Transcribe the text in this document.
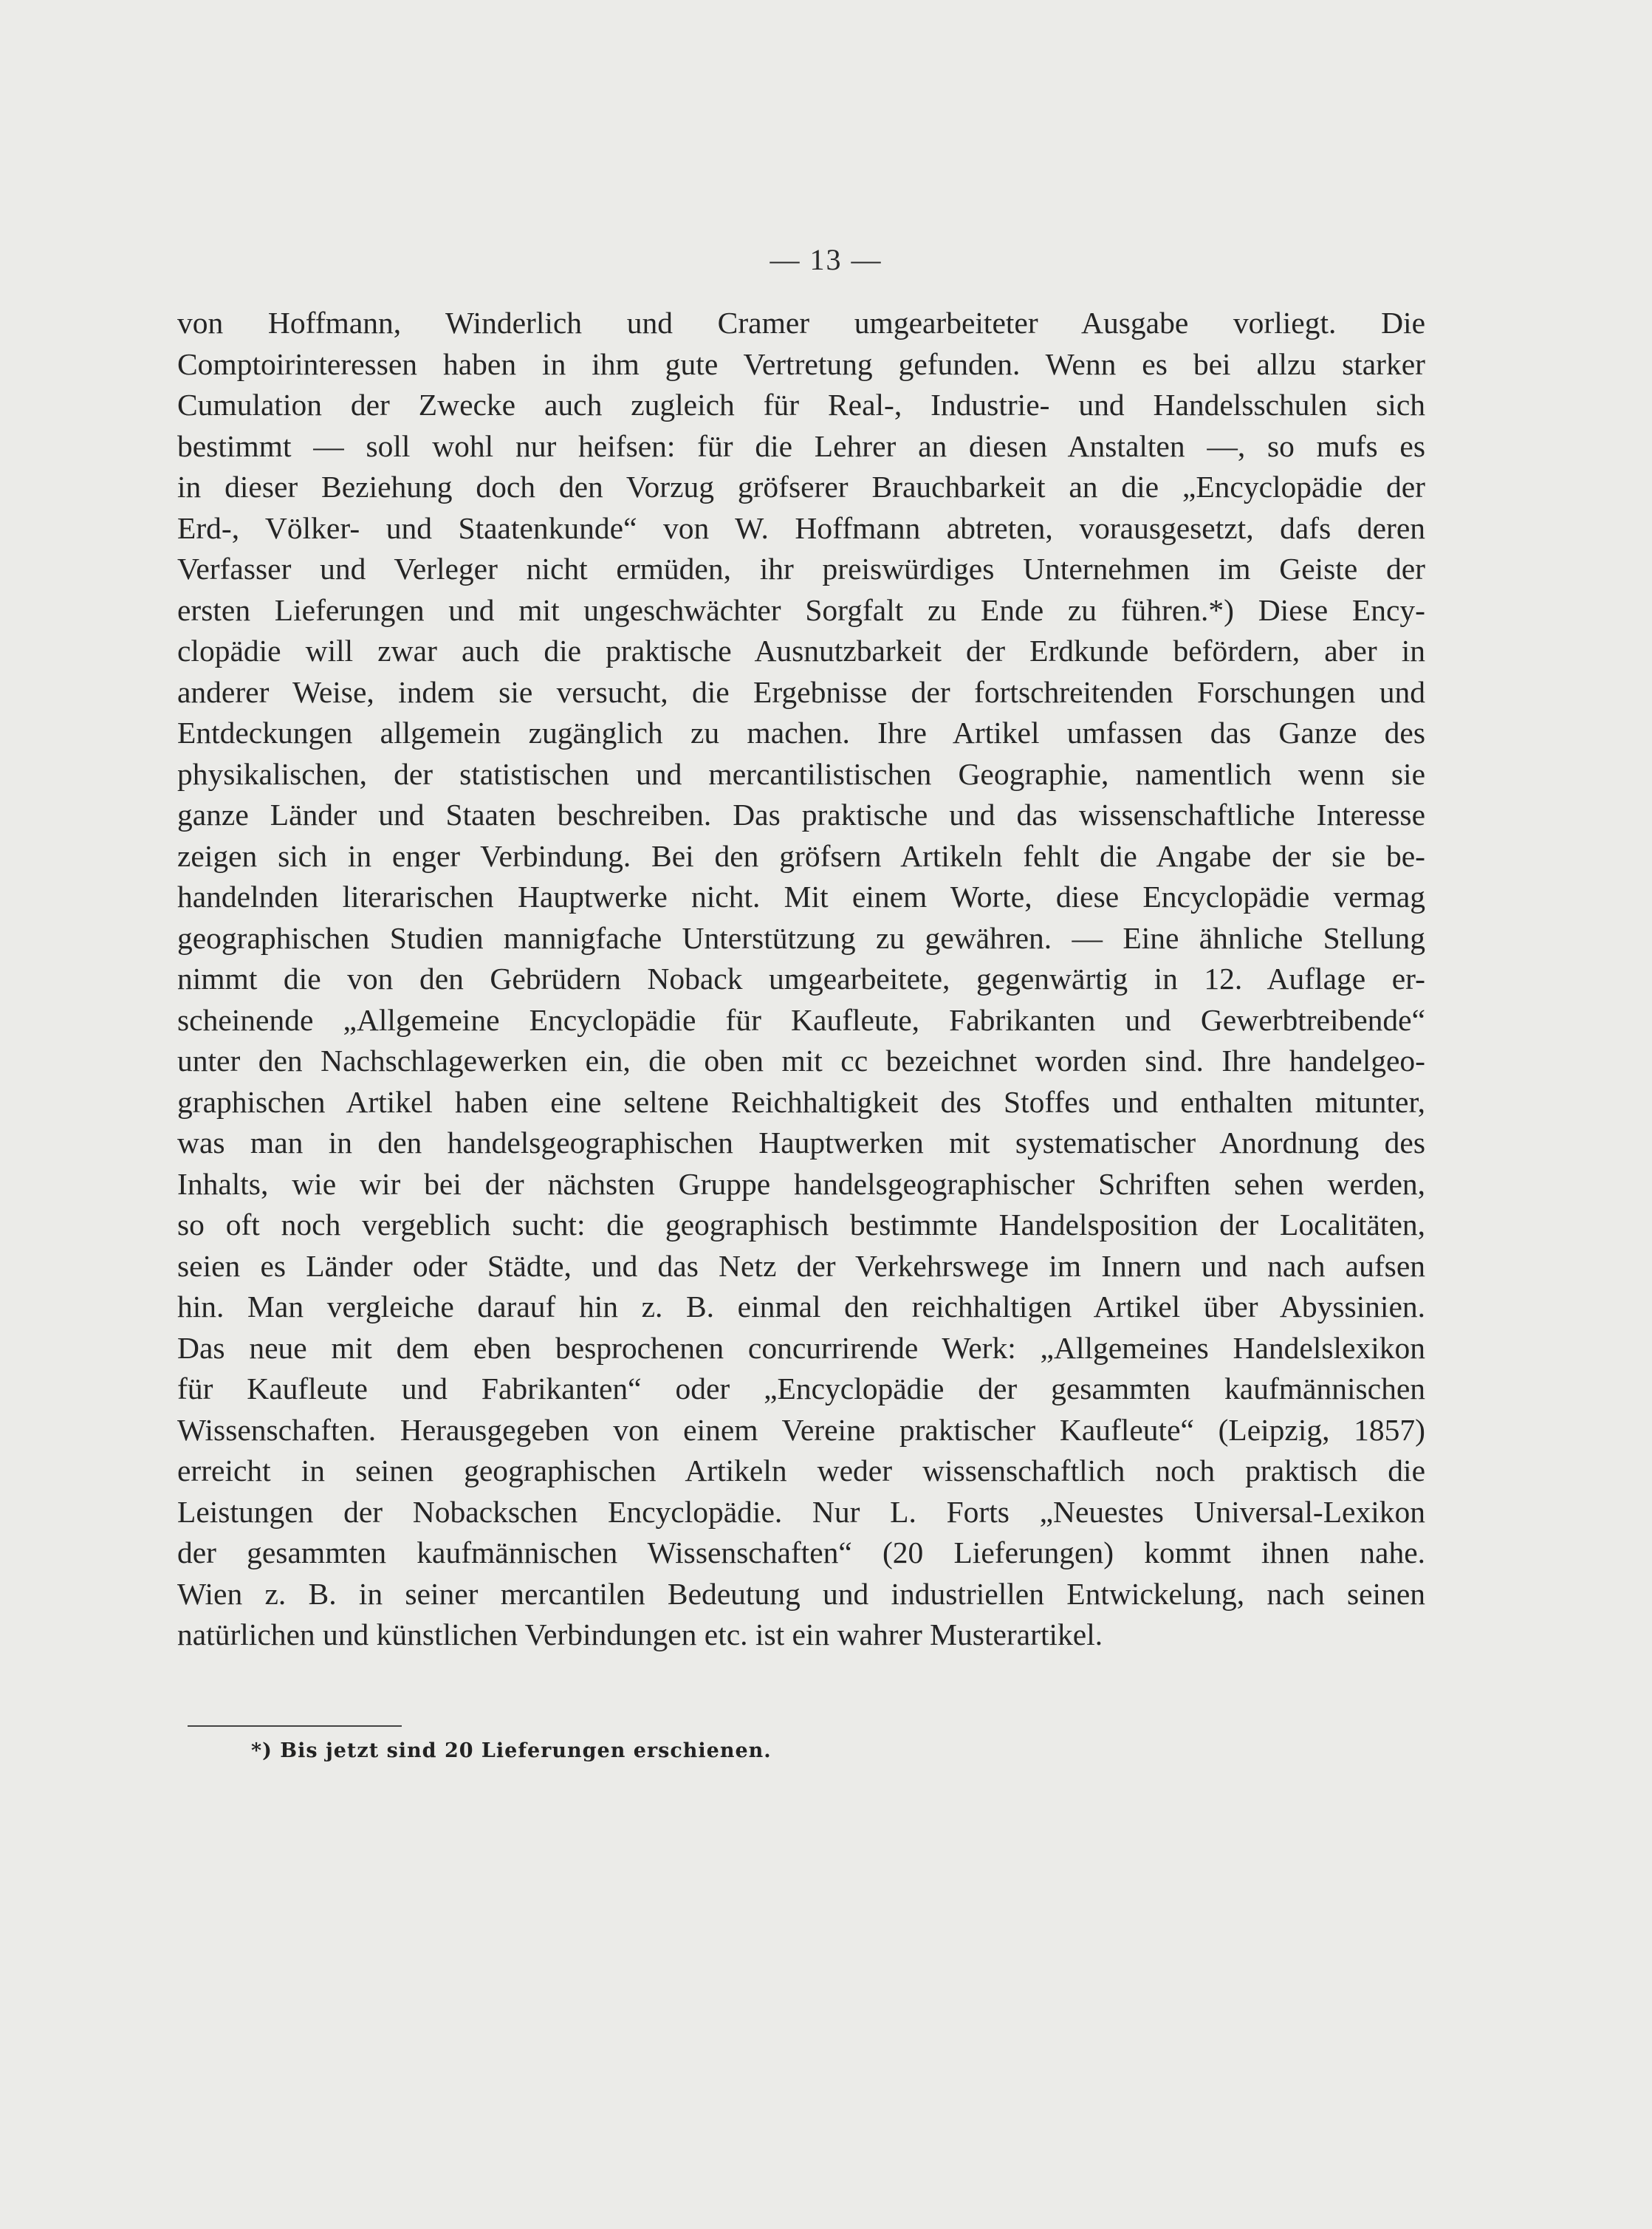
— 13 —
von Hoffmann, Winderlich und Cramer umgearbeiteter Ausgabe vorliegt. Die
Comptoirinteressen haben in ihm gute Vertretung gefunden. Wenn es bei allzu starker
Cumulation der Zwecke auch zugleich für Real-, Industrie- und Handelsschulen sich
bestimmt — soll wohl nur heifsen: für die Lehrer an diesen Anstalten —, so mufs es
in dieser Beziehung doch den Vorzug gröfserer Brauchbarkeit an die „Encyclopädie der
Erd-, Völker- und Staatenkunde“ von W. Hoffmann abtreten, vorausgesetzt, dafs deren
Verfasser und Verleger nicht ermüden, ihr preiswürdiges Unternehmen im Geiste der
ersten Lieferungen und mit ungeschwächter Sorgfalt zu Ende zu führen.*) Diese Ency-
clopädie will zwar auch die praktische Ausnutzbarkeit der Erdkunde befördern, aber in
anderer Weise, indem sie versucht, die Ergebnisse der fortschreitenden Forschungen und
Entdeckungen allgemein zugänglich zu machen. Ihre Artikel umfassen das Ganze des
physikalischen, der statistischen und mercantilistischen Geographie, namentlich wenn sie
ganze Länder und Staaten beschreiben. Das praktische und das wissenschaftliche Interesse
zeigen sich in enger Verbindung. Bei den gröfsern Artikeln fehlt die Angabe der sie be-
handelnden literarischen Hauptwerke nicht. Mit einem Worte, diese Encyclopädie vermag
geographischen Studien mannigfache Unterstützung zu gewähren. — Eine ähnliche Stellung
nimmt die von den Gebrüdern Noback umgearbeitete, gegenwärtig in 12. Auflage er-
scheinende „Allgemeine Encyclopädie für Kaufleute, Fabrikanten und Gewerbtreibende“
unter den Nachschlagewerken ein, die oben mit cc bezeichnet worden sind. Ihre handelgeo-
graphischen Artikel haben eine seltene Reichhaltigkeit des Stoffes und enthalten mitunter,
was man in den handelsgeographischen Hauptwerken mit systematischer Anordnung des
Inhalts, wie wir bei der nächsten Gruppe handelsgeographischer Schriften sehen werden,
so oft noch vergeblich sucht: die geographisch bestimmte Handelsposition der Localitäten,
seien es Länder oder Städte, und das Netz der Verkehrswege im Innern und nach aufsen
hin. Man vergleiche darauf hin z. B. einmal den reichhaltigen Artikel über Abyssinien.
Das neue mit dem eben besprochenen concurrirende Werk: „Allgemeines Handelslexikon
für Kaufleute und Fabrikanten“ oder „Encyclopädie der gesammten kaufmännischen
Wissenschaften. Herausgegeben von einem Vereine praktischer Kaufleute“ (Leipzig, 1857)
erreicht in seinen geographischen Artikeln weder wissenschaftlich noch praktisch die
Leistungen der Nobackschen Encyclopädie. Nur L. Forts „Neuestes Universal-Lexikon
der gesammten kaufmännischen Wissenschaften“ (20 Lieferungen) kommt ihnen nahe.
Wien z. B. in seiner mercantilen Bedeutung und industriellen Entwickelung, nach seinen
natürlichen und künstlichen Verbindungen etc. ist ein wahrer Musterartikel.
*) Bis jetzt sind 20 Lieferungen erschienen.
